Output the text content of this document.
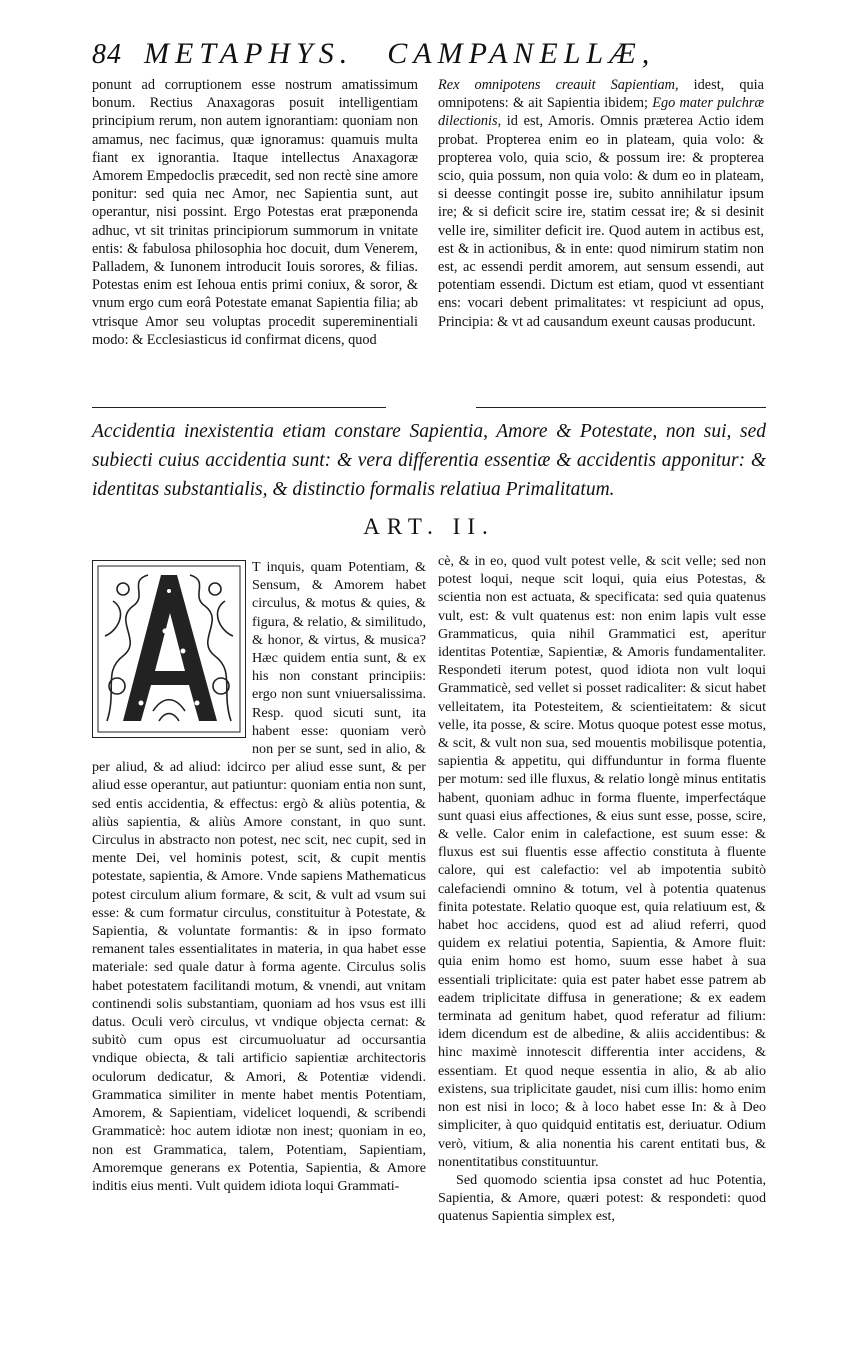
84 METAPHYS. CAMPANELLÆ,

ponunt ad corruptionem esse nostrum amatissimum bonum. Rectius Anaxagoras posuit intelligentiam principium rerum, non autem ignorantiam: quoniam non amamus, nec facimus, quæ ignoramus: quamuis multa fiant ex ignorantia. Itaque intellectus Anaxagoræ Amorem Empedoclis præcedit, sed non rectè sine amore ponitur: sed quia nec Amor, nec Sapientia sunt, aut operantur, nisi possint. Ergo Potestas erat præponenda adhuc, vt sit trinitas principiorum summorum in vnitate entis: & fabulosa philosophia hoc docuit, dum Venerem, Palladem, & Iunonem introducit Iouis sorores, & filias. Potestas enim est Iehoua entis primi coniux, & soror, & vnum ergo cum eorâ Potestate emanat Sapientia filia; ab vtrisque Amor seu voluptas procedit supereminentiali modo: & Ecclesiasticus id confirmat dicens, quod

Rex omnipotens creauit Sapientiam, idest, quia omnipotens: & ait Sapientia ibidem; Ego mater pulchræ dilectionis, id est, Amoris. Omnis præterea Actio idem probat. Propterea enim eo in plateam, quia volo: & propterea volo, quia scio, & possum ire: & propterea scio, quia possum, non quia volo: & dum eo in plateam, si deesse contingit posse ire, subito annihilatur ipsum ire; & si deficit scire ire, statim cessat ire; & si desinit velle ire, similiter deficit ire. Quod autem in actibus est, est & in actionibus, & in ente: quod nimirum statim non est, ac essendi perdit amorem, aut sensum essendi, aut potentiam essendi. Dictum est etiam, quod vt essentiant ens: vocari debent primalitates: vt respiciunt ad opus, Principia: & vt ad causandum exeunt causas producunt.

Accidentia inexistentia etiam constare Sapientia, Amore & Potestate, non sui, sed subiecti cuius accidentia sunt: & vera differentia essentiæ & accidentis apponitur: & identitas substantialis, & distinctio formalis relatiua Primalitatum.
ART. II.

T inquis, quam Potentiam, & Sensum, & Amorem habet circulus, & motus & quies, & figura, & relatio, & similitudo, & honor, & virtus, & musica? Hæc quidem entia sunt, & ex his non constant principiis: ergo non sunt vniuersalissima. Resp. quod sicuti sunt, ita habent esse: quoniam verò non per se sunt, sed in alio, & per aliud, & ad aliud: idcirco per aliud esse sunt, & per aliud esse operantur, aut patiuntur: quoniam entia non sunt, sed entis accidentia, & effectus: ergò & aliùs potentia, & aliùs sapientia, & aliùs Amore constant, in quo sunt. Circulus in abstracto non potest, nec scit, nec cupit, sed in mente Dei, vel hominis potest, scit, & cupit mentis potestate, sapientia, & Amore. Vnde sapiens Mathematicus potest circulum alium formare, & scit, & vult ad vsum sui esse: & cum formatur circulus, constituitur à Potestate, & Sapientia, & voluntate formantis: & in ipso formato remanent tales essentialitates in materia, in qua habet esse materiale: sed quale datur à forma agente. Circulus solis habet potestatem facilitandi motum, & vnendi, aut vnitam continendi solis substantiam, quoniam ad hos vsus est illi datus. Oculi verò circulus, vt vndique objecta cernat: & subitò cum opus est circumuoluatur ad occursantia vndique obiecta, & tali artificio sapientiæ architectoris oculorum dedicatur, & Amori, & Potentiæ videndi. Grammatica similiter in mente habet mentis Potentiam, Amorem, & Sapientiam, videlicet loquendi, & scribendi Grammaticè: hoc autem idiotæ non inest; quoniam in eo, non est Grammatica, talem, Potentiam, Sapientiam, Amoremque generans ex Potentia, Sapientia, & Amore inditis eius menti. Vult quidem idiota loqui Grammati-

cè, & in eo, quod vult potest velle, & scit velle; sed non potest loqui, neque scit loqui, quia eius Potestas, & scientia non est actuata, & specificata: sed quia quatenus vult, est: & vult quatenus est: non enim lapis vult esse Grammaticus, quia nihil Grammatici est, aperitur identitas Potentiæ, Sapientiæ, & Amoris fundamentaliter. Respondeti iterum potest, quod idiota non vult loqui Grammaticè, sed vellet si posset radicaliter: & sicut habet velleitatem, ita Potesteitem, & scientieitatem: & sicut velle, ita posse, & scire. Motus quoque potest esse motus, & scit, & vult non sua, sed mouentis mobilisque potentia, sapientia & appetitu, qui diffunduntur in forma fluente per motum: sed ille fluxus, & relatio longè minus entitatis habent, quoniam adhuc in forma fluente, imperfectáque sunt quasi eius affectiones, & eius sunt esse, posse, scire, & velle. Calor enim in calefactione, est suum esse: & fluxus est sui fluentis esse affectio constituta à fluente calore, qui est calefactio: vel ab impotentia subitò calefaciendi omnino & totum, vel à potentia quatenus finita potestate. Relatio quoque est, quia relatiuum est, & habet hoc accidens, quod est ad aliud referri, quod quidem ex relatiui potentia, Sapientia, & Amore fluit: quia enim homo est homo, suum esse habet à sua essentiali triplicitate: quia est pater habet esse patrem ab eadem triplicitate diffusa in generatione; & ex eadem terminata ad genitum habet, quod referatur ad filium: idem dicendum est de albedine, & aliis accidentibus: & hinc maximè innotescit differentia inter accidens, & essentiam. Et quod neque essentia in alio, & ab alio existens, sua triplicitate gaudet, nisi cum illis: homo enim non est nisi in loco; & à loco habet esse In: & à Deo simpliciter, à quo quidquid entitatis est, deriuatur. Odium verò, vitium, & alia nonentia his carent entitati bus, & nonentitatibus constituuntur.

Sed quomodo scientia ipsa constet ad huc Potentia, Sapientia, & Amore, quæri potest: & respondeti: quod quatenus Sapientia simplex est,
